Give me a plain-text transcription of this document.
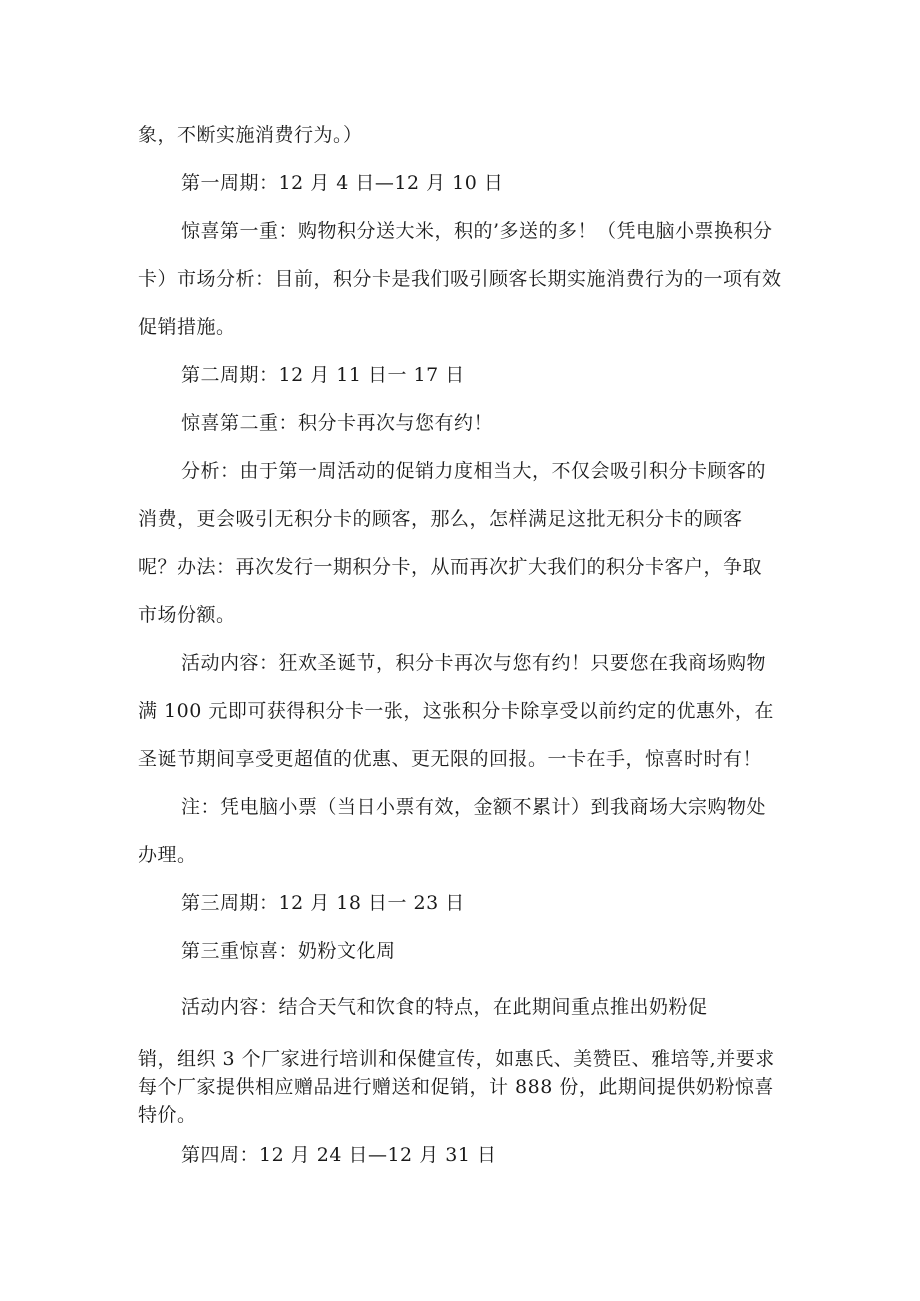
象，不断实施消费行为。）
第一周期：12 月 4 日—12 月 10 日
惊喜第一重：购物积分送大米，积的’多送的多！（凭电脑小票换积分
卡）市场分析：目前，积分卡是我们吸引顾客长期实施消费行为的一项有效
促销措施。
第二周期：12 月 11 日一 17 日
惊喜第二重：积分卡再次与您有约！
分析：由于第一周活动的促销力度相当大，不仅会吸引积分卡顾客的
消费，更会吸引无积分卡的顾客，那么，怎样满足这批无积分卡的顾客
呢？办法：再次发行一期积分卡，从而再次扩大我们的积分卡客户，争取
市场份额。
活动内容：狂欢圣诞节，积分卡再次与您有约！只要您在我商场购物
满 100 元即可获得积分卡一张，这张积分卡除享受以前约定的优惠外，在
圣诞节期间享受更超值的优惠、更无限的回报。一卡在手，惊喜时时有！
注：凭电脑小票（当日小票有效，金额不累计）到我商场大宗购物处
办理。
第三周期：12 月 18 日一 23 日
第三重惊喜：奶粉文化周
活动内容：结合天气和饮食的特点，在此期间重点推出奶粉促
销，组织 3 个厂家进行培训和保健宣传，如惠氏、美赞臣、雅培等,并要求
每个厂家提供相应赠品进行赠送和促销，计 888 份，此期间提供奶粉惊喜
特价。
第四周：12 月 24 日—12 月 31 日
